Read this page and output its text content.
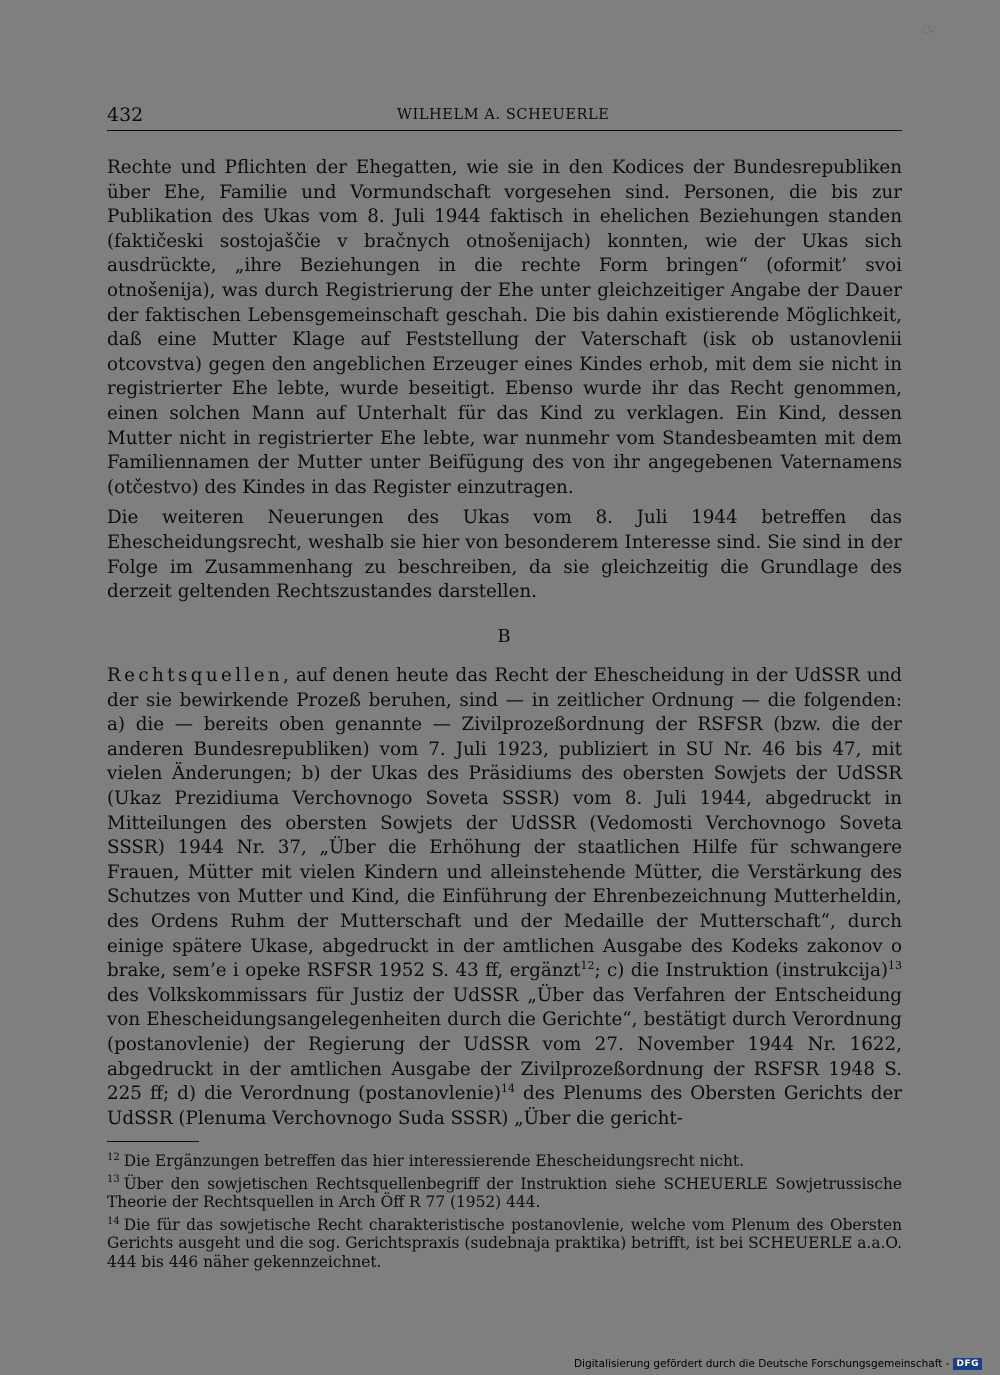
◌.
432	WILHELM A. SCHEUERLE

Rechte und Pflichten der Ehegatten, wie sie in den Kodices der Bundesrepubliken über Ehe, Familie und Vormundschaft vorgesehen sind. Personen, die bis zur Publikation des Ukas vom 8. Juli 1944 faktisch in ehelichen Beziehungen standen (faktičeski sostojaščie v bračnych otnošenijach) konnten, wie der Ukas sich ausdrückte, „ihre Beziehungen in die rechte Form bringen“ (oformit’ svoi otnošenija), was durch Registrierung der Ehe unter gleichzeitiger Angabe der Dauer der faktischen Lebensgemeinschaft geschah. Die bis dahin existierende Möglichkeit, daß eine Mutter Klage auf Feststellung der Vaterschaft (isk ob ustanovlenii otcovstva) gegen den angeblichen Erzeuger eines Kindes erhob, mit dem sie nicht in registrierter Ehe lebte, wurde beseitigt. Ebenso wurde ihr das Recht genommen, einen solchen Mann auf Unterhalt für das Kind zu verklagen. Ein Kind, dessen Mutter nicht in registrierter Ehe lebte, war nunmehr vom Standesbeamten mit dem Familiennamen der Mutter unter Beifügung des von ihr angegebenen Vaternamens (otčestvo) des Kindes in das Register einzutragen.

Die weiteren Neuerungen des Ukas vom 8. Juli 1944 betreffen das Ehescheidungsrecht, weshalb sie hier von besonderem Interesse sind. Sie sind in der Folge im Zusammenhang zu beschreiben, da sie gleichzeitig die Grundlage des derzeit geltenden Rechtszustandes darstellen.

B

Rechtsquellen, auf denen heute das Recht der Ehescheidung in der UdSSR und der sie bewirkende Prozeß beruhen, sind — in zeitlicher Ordnung — die folgenden: a) die — bereits oben genannte — Zivilprozeßordnung der RSFSR (bzw. die der anderen Bundesrepubliken) vom 7. Juli 1923, publiziert in SU Nr. 46 bis 47, mit vielen Änderungen; b) der Ukas des Präsidiums des obersten Sowjets der UdSSR (Ukaz Prezidiuma Verchovnogo Soveta SSSR) vom 8. Juli 1944, abgedruckt in Mitteilungen des obersten Sowjets der UdSSR (Vedomosti Verchovnogo Soveta SSSR) 1944 Nr. 37, „Über die Erhöhung der staatlichen Hilfe für schwangere Frauen, Mütter mit vielen Kindern und alleinstehende Mütter, die Verstärkung des Schutzes von Mutter und Kind, die Einführung der Ehrenbezeichnung Mutterheldin, des Ordens Ruhm der Mutterschaft und der Medaille der Mutterschaft“, durch einige spätere Ukase, abgedruckt in der amtlichen Ausgabe des Kodeks zakonov o brake, sem’e i opeke RSFSR 1952 S. 43 ff, ergänzt$^{12}$; c) die Instruktion (instrukcija)$^{13}$ des Volkskommissars für Justiz der UdSSR „Über das Verfahren der Entscheidung von Ehescheidungsangelegenheiten durch die Gerichte“, bestätigt durch Verordnung (postanovlenie) der Regierung der UdSSR vom 27. November 1944 Nr. 1622, abgedruckt in der amtlichen Ausgabe der Zivilprozeßordnung der RSFSR 1948 S. 225 ff; d) die Verordnung (postanovlenie)$^{14}$ des Plenums des Obersten Gerichts der UdSSR (Plenuma Verchovnogo Suda SSSR) „Über die gericht-

$^{12}$ Die Ergänzungen betreffen das hier interessierende Ehescheidungsrecht nicht.

$^{13}$ Über den sowjetischen Rechtsquellenbegriff der Instruktion siehe SCHEUERLE Sowjetrussische Theorie der Rechtsquellen in Arch Öff R 77 (1952) 444.

$^{14}$ Die für das sowjetische Recht charakteristische postanovlenie, welche vom Plenum des Obersten Gerichts ausgeht und die sog. Gerichtspraxis (sudebnaja praktika) betrifft, ist bei SCHEUERLE a.a.O. 444 bis 446 näher gekennzeichnet.

Digitalisierung gefördert durch die Deutsche Forschungsgemeinschaft - DFG
